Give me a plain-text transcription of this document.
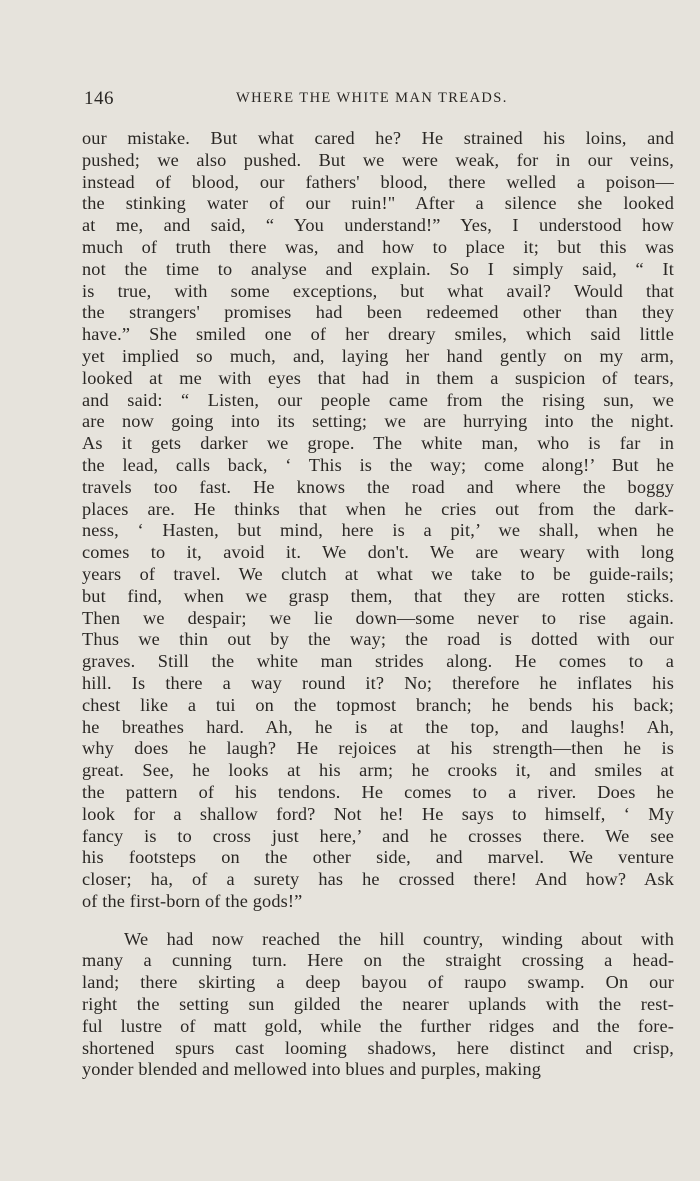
146	WHERE THE WHITE MAN TREADS.
our mistake. But what cared he? He strained his loins, and
pushed; we also pushed. But we were weak, for in our veins,
instead of blood, our fathers' blood, there welled a poison—
the stinking water of our ruin!" After a silence she looked
at me, and said, “ You understand!” Yes, I understood how
much of truth there was, and how to place it; but this was
not the time to analyse and explain. So I simply said, “ It
is true, with some exceptions, but what avail? Would that
the strangers' promises had been redeemed other than they
have.” She smiled one of her dreary smiles, which said little
yet implied so much, and, laying her hand gently on my arm,
looked at me with eyes that had in them a suspicion of tears,
and said: “ Listen, our people came from the rising sun, we
are now going into its setting; we are hurrying into the night.
As it gets darker we grope. The white man, who is far in
the lead, calls back, ‘ This is the way; come along!’ But he
travels too fast. He knows the road and where the boggy
places are. He thinks that when he cries out from the dark-
ness, ‘ Hasten, but mind, here is a pit,’ we shall, when he
comes to it, avoid it. We don't. We are weary with long
years of travel. We clutch at what we take to be guide-rails;
but find, when we grasp them, that they are rotten sticks.
Then we despair; we lie down—some never to rise again.
Thus we thin out by the way; the road is dotted with our
graves. Still the white man strides along. He comes to a
hill. Is there a way round it? No; therefore he inflates his
chest like a tui on the topmost branch; he bends his back;
he breathes hard. Ah, he is at the top, and laughs! Ah,
why does he laugh? He rejoices at his strength—then he is
great. See, he looks at his arm; he crooks it, and smiles at
the pattern of his tendons. He comes to a river. Does he
look for a shallow ford? Not he! He says to himself, ‘ My
fancy is to cross just here,’ and he crosses there. We see
his footsteps on the other side, and marvel. We venture
closer; ha, of a surety has he crossed there! And how? Ask
of the first-born of the gods!”
We had now reached the hill country, winding about with
many a cunning turn. Here on the straight crossing a head-
land; there skirting a deep bayou of raupo swamp. On our
right the setting sun gilded the nearer uplands with the rest-
ful lustre of matt gold, while the further ridges and the fore-
shortened spurs cast looming shadows, here distinct and crisp,
yonder blended and mellowed into blues and purples, making
